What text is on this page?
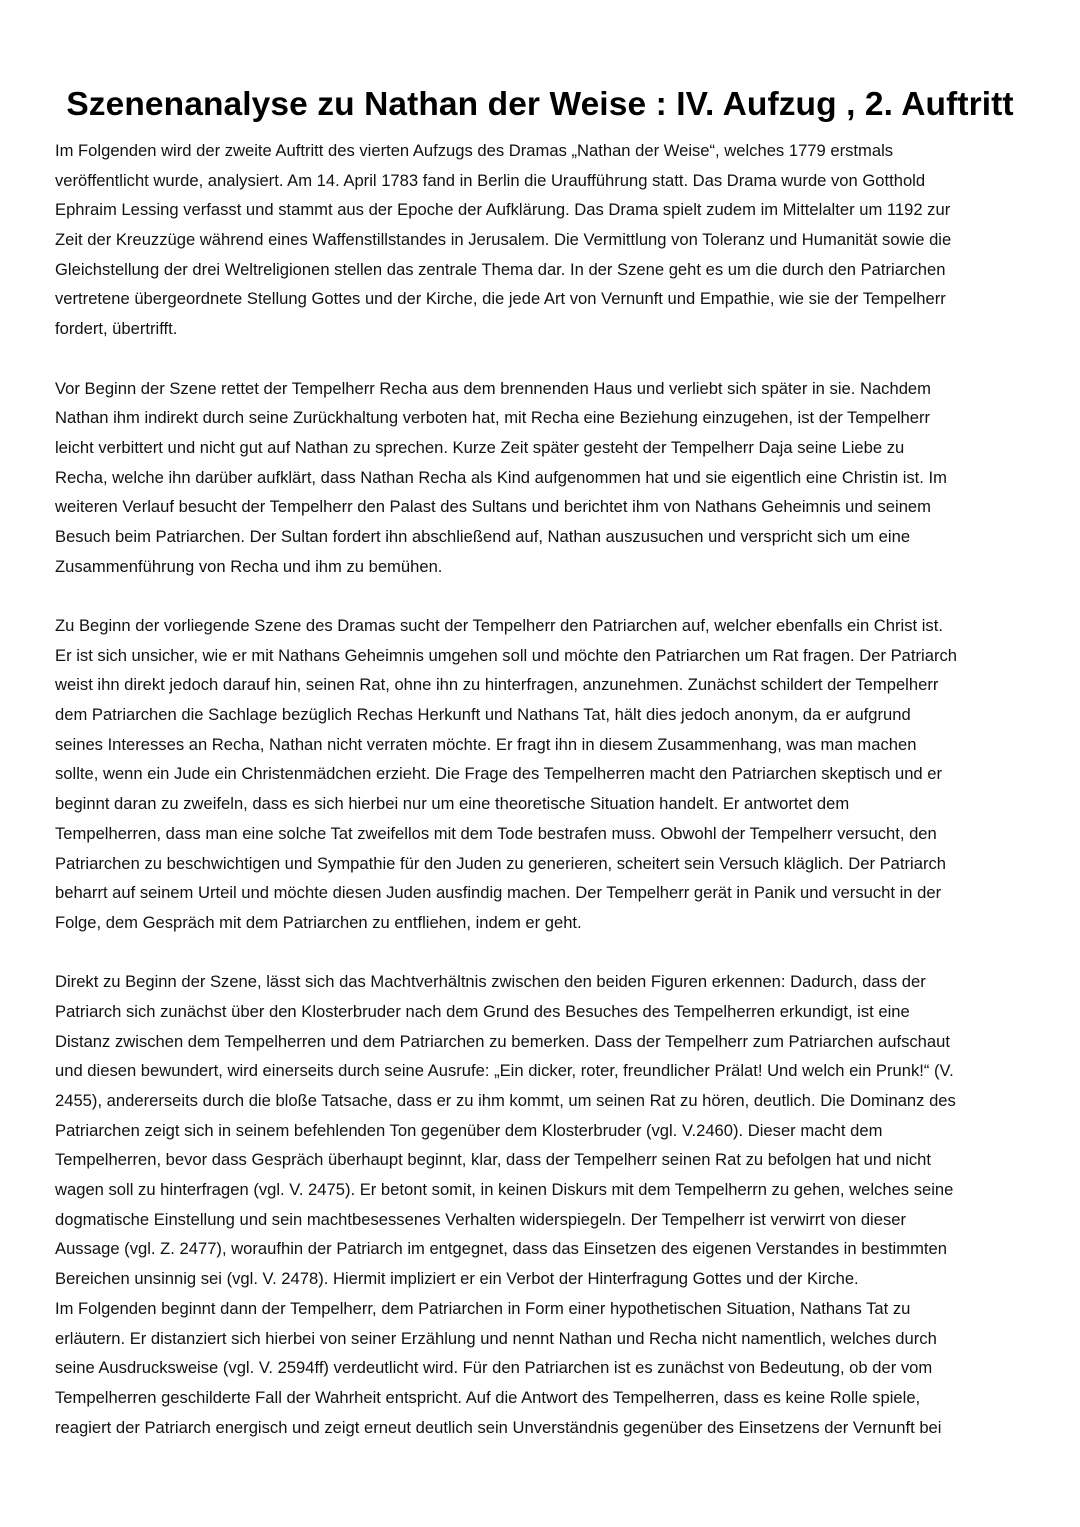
Szenenanalyse zu Nathan der Weise : IV. Aufzug , 2. Auftritt
Im Folgenden wird der zweite Auftritt des vierten Aufzugs des Dramas „Nathan der Weise“, welches 1779 erstmals
veröffentlicht wurde, analysiert. Am 14. April 1783 fand in Berlin die Uraufführung statt. Das Drama wurde von Gotthold
Ephraim Lessing verfasst und stammt aus der Epoche der Aufklärung. Das Drama spielt zudem im Mittelalter um 1192 zur
Zeit der Kreuzzüge während eines Waffenstillstandes in Jerusalem. Die Vermittlung von Toleranz und Humanität sowie die
Gleichstellung der drei Weltreligionen stellen das zentrale Thema dar. In der Szene geht es um die durch den Patriarchen
vertretene übergeordnete Stellung Gottes und der Kirche, die jede Art von Vernunft und Empathie, wie sie der Tempelherr
fordert, übertrifft.
Vor Beginn der Szene rettet der Tempelherr Recha aus dem brennenden Haus und verliebt sich später in sie. Nachdem
Nathan ihm indirekt durch seine Zurückhaltung verboten hat, mit Recha eine Beziehung einzugehen, ist der Tempelherr
leicht verbittert und nicht gut auf Nathan zu sprechen. Kurze Zeit später gesteht der Tempelherr Daja seine Liebe zu
Recha, welche ihn darüber aufklärt, dass Nathan Recha als Kind aufgenommen hat und sie eigentlich eine Christin ist. Im
weiteren Verlauf besucht der Tempelherr den Palast des Sultans und berichtet ihm von Nathans Geheimnis und seinem
Besuch beim Patriarchen. Der Sultan fordert ihn abschließend auf, Nathan auszusuchen und verspricht sich um eine
Zusammenführung von Recha und ihm zu bemühen.
Zu Beginn der vorliegende Szene des Dramas sucht der Tempelherr den Patriarchen auf, welcher ebenfalls ein Christ ist.
Er ist sich unsicher, wie er mit Nathans Geheimnis umgehen soll und möchte den Patriarchen um Rat fragen. Der Patriarch
weist ihn direkt jedoch darauf hin, seinen Rat, ohne ihn zu hinterfragen, anzunehmen. Zunächst schildert der Tempelherr
dem Patriarchen die Sachlage bezüglich Rechas Herkunft und Nathans Tat, hält dies jedoch anonym, da er aufgrund
seines Interesses an Recha, Nathan nicht verraten möchte. Er fragt ihn in diesem Zusammenhang, was man machen
sollte, wenn ein Jude ein Christenmädchen erzieht. Die Frage des Tempelherren macht den Patriarchen skeptisch und er
beginnt daran zu zweifeln, dass es sich hierbei nur um eine theoretische Situation handelt. Er antwortet dem
Tempelherren, dass man eine solche Tat zweifellos mit dem Tode bestrafen muss. Obwohl der Tempelherr versucht, den
Patriarchen zu beschwichtigen und Sympathie für den Juden zu generieren, scheitert sein Versuch kläglich. Der Patriarch
beharrt auf seinem Urteil und möchte diesen Juden ausfindig machen. Der Tempelherr gerät in Panik und versucht in der
Folge, dem Gespräch mit dem Patriarchen zu entfliehen, indem er geht.
Direkt zu Beginn der Szene, lässt sich das Machtverhältnis zwischen den beiden Figuren erkennen: Dadurch, dass der
Patriarch sich zunächst über den Klosterbruder nach dem Grund des Besuches des Tempelherren erkundigt, ist eine
Distanz zwischen dem Tempelherren und dem Patriarchen zu bemerken. Dass der Tempelherr zum Patriarchen aufschaut
und diesen bewundert, wird einerseits durch seine Ausrufe: „Ein dicker, roter, freundlicher Prälat! Und welch ein Prunk!“ (V.
2455), andererseits durch die bloße Tatsache, dass er zu ihm kommt, um seinen Rat zu hören, deutlich. Die Dominanz des
Patriarchen zeigt sich in seinem befehlenden Ton gegenüber dem Klosterbruder (vgl. V.2460). Dieser macht dem
Tempelherren, bevor dass Gespräch überhaupt beginnt, klar, dass der Tempelherr seinen Rat zu befolgen hat und nicht
wagen soll zu hinterfragen (vgl. V. 2475). Er betont somit, in keinen Diskurs mit dem Tempelherrn zu gehen, welches seine
dogmatische Einstellung und sein machtbesessenes Verhalten widerspiegeln. Der Tempelherr ist verwirrt von dieser
Aussage (vgl. Z. 2477), woraufhin der Patriarch im entgegnet, dass das Einsetzen des eigenen Verstandes in bestimmten
Bereichen unsinnig sei (vgl. V. 2478). Hiermit impliziert er ein Verbot der Hinterfragung Gottes und der Kirche.
Im Folgenden beginnt dann der Tempelherr, dem Patriarchen in Form einer hypothetischen Situation, Nathans Tat zu
erläutern. Er distanziert sich hierbei von seiner Erzählung und nennt Nathan und Recha nicht namentlich, welches durch
seine Ausdrucksweise (vgl. V. 2594ff) verdeutlicht wird. Für den Patriarchen ist es zunächst von Bedeutung, ob der vom
Tempelherren geschilderte Fall der Wahrheit entspricht. Auf die Antwort des Tempelherren, dass es keine Rolle spiele,
reagiert der Patriarch energisch und zeigt erneut deutlich sein Unverständnis gegenüber des Einsetzens der Vernunft bei
